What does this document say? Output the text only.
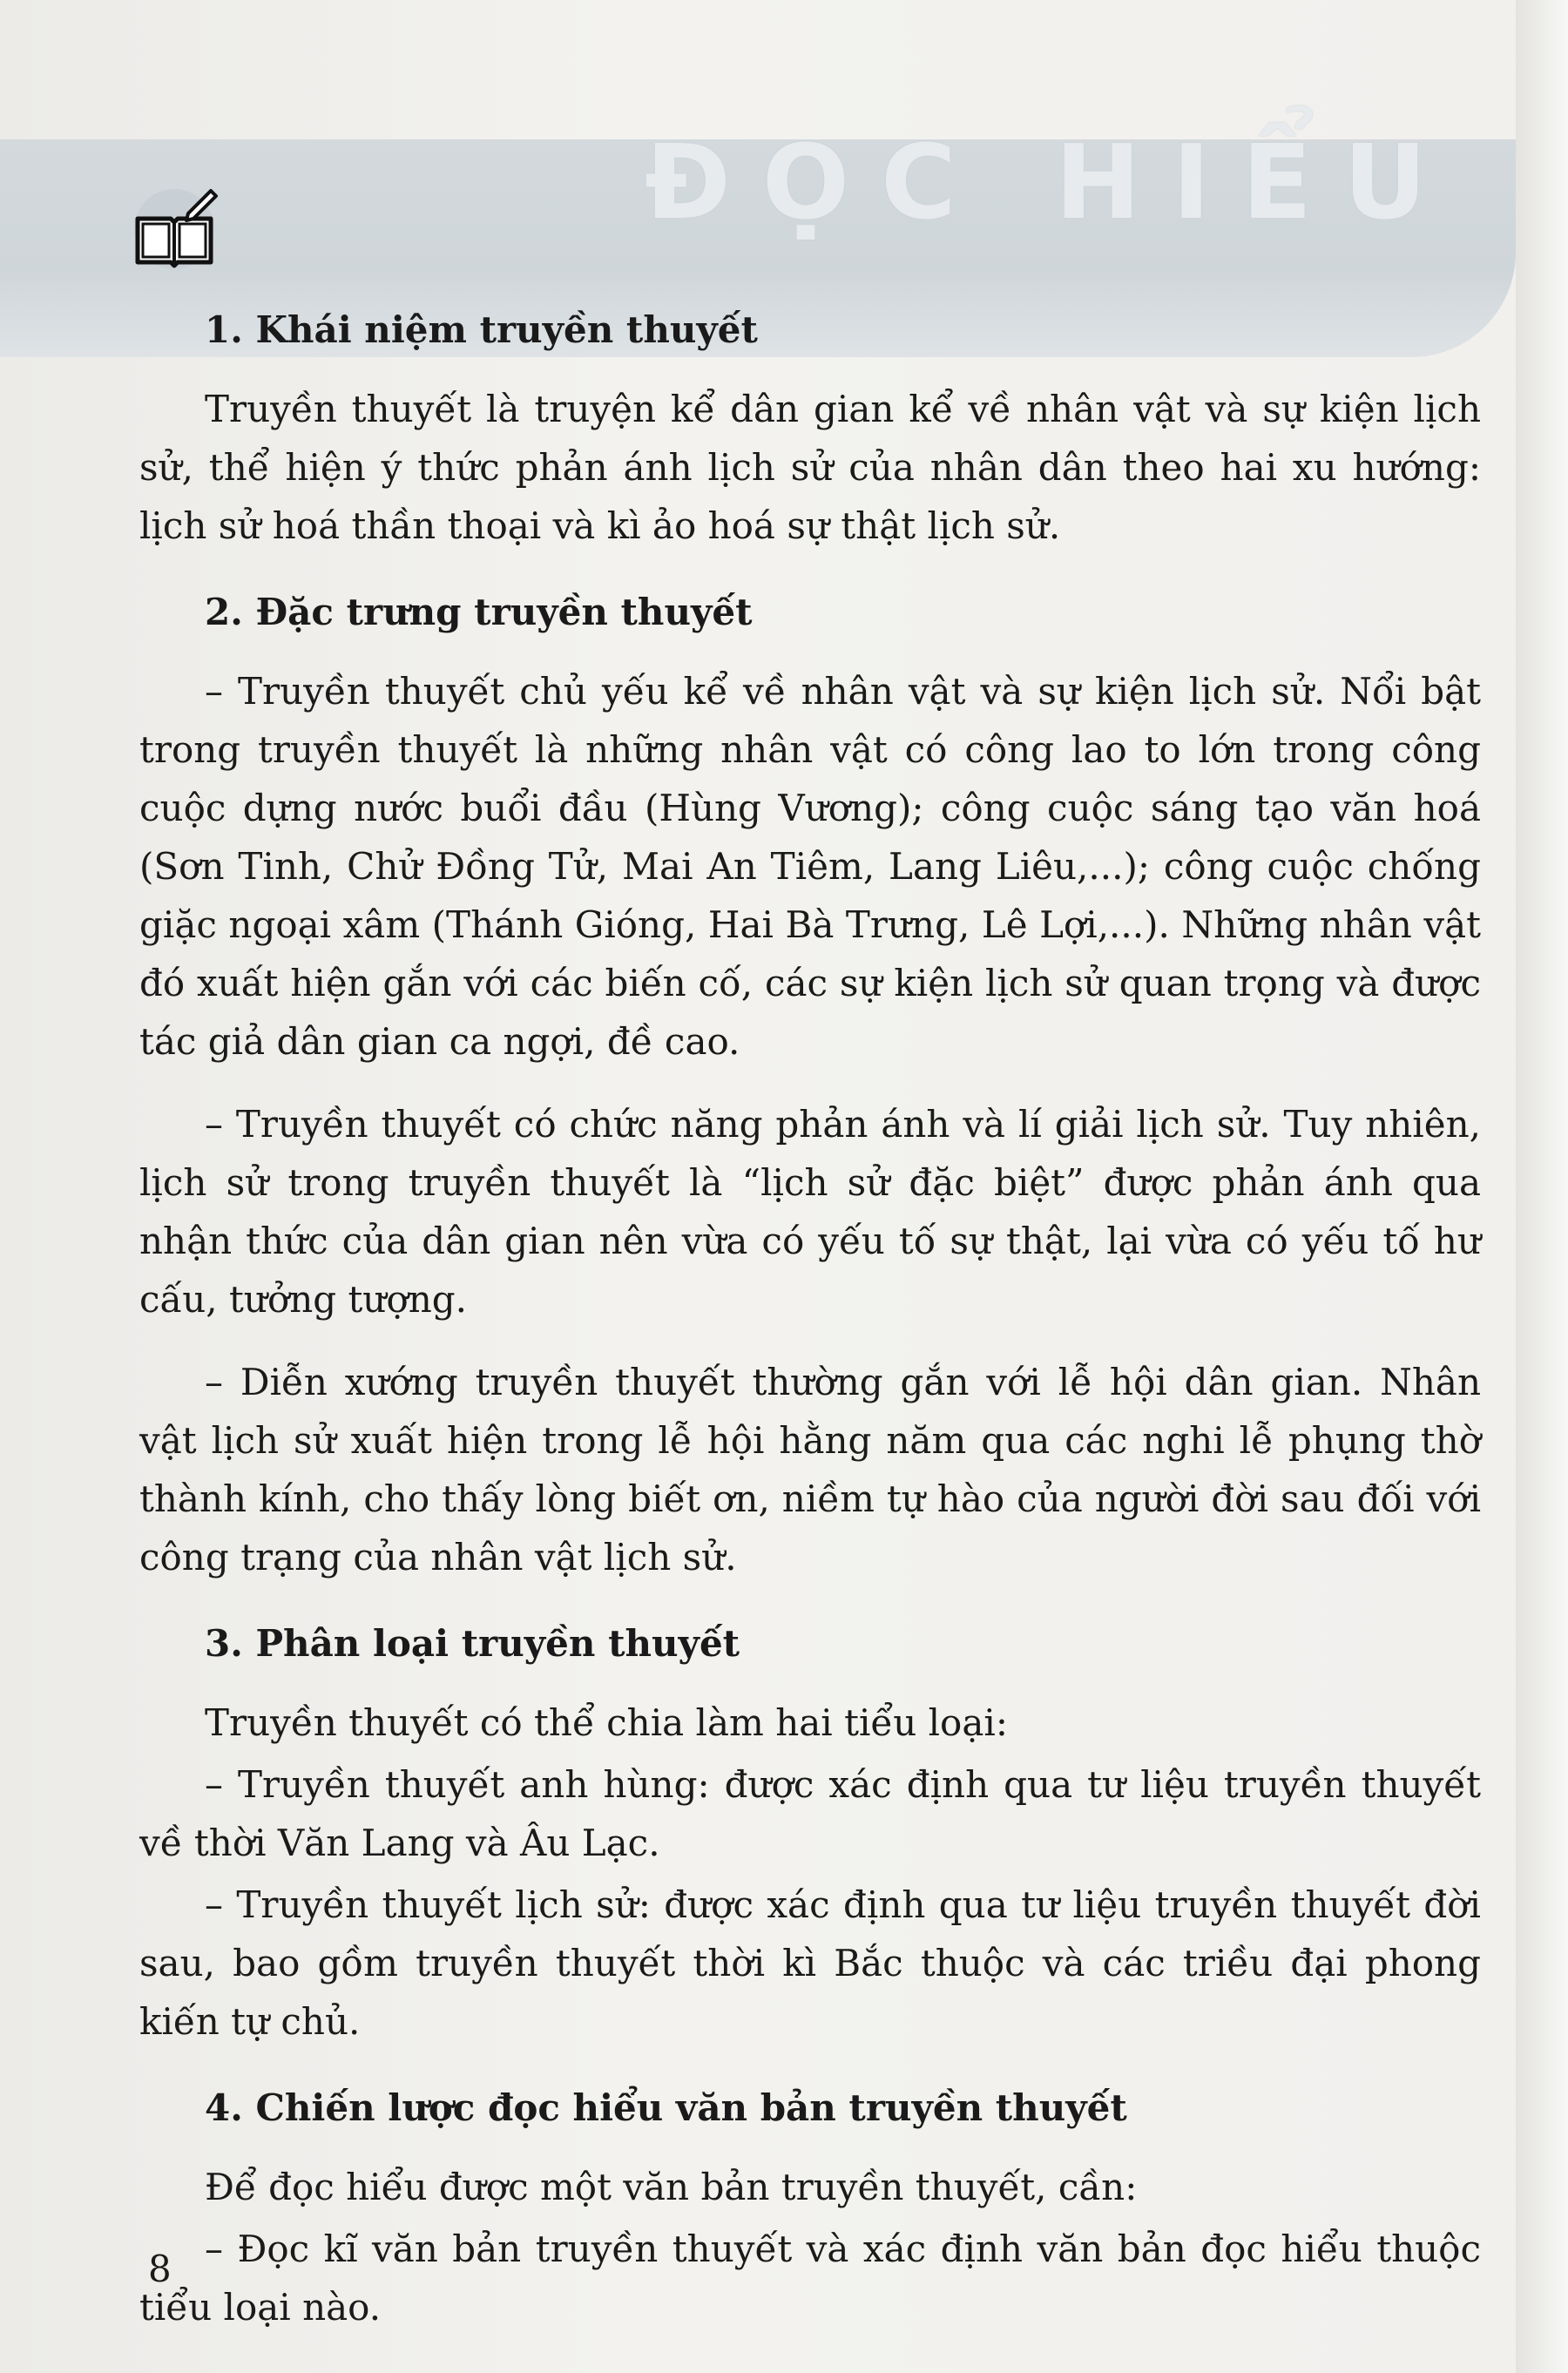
ĐỌC HIỂU
1. Khái niệm truyền thuyết
Truyền thuyết là truyện kể dân gian kể về nhân vật và sự kiện lịch sử, thể hiện ý thức phản ánh lịch sử của nhân dân theo hai xu hướng: lịch sử hoá thần thoại và kì ảo hoá sự thật lịch sử.
2. Đặc trưng truyền thuyết
– Truyền thuyết chủ yếu kể về nhân vật và sự kiện lịch sử. Nổi bật trong truyền thuyết là những nhân vật có công lao to lớn trong công cuộc dựng nước buổi đầu (Hùng Vương); công cuộc sáng tạo văn hoá (Sơn Tinh, Chử Đồng Tử, Mai An Tiêm, Lang Liêu,...); công cuộc chống giặc ngoại xâm (Thánh Gióng, Hai Bà Trưng, Lê Lợi,...). Những nhân vật đó xuất hiện gắn với các biến cố, các sự kiện lịch sử quan trọng và được tác giả dân gian ca ngợi, đề cao.
– Truyền thuyết có chức năng phản ánh và lí giải lịch sử. Tuy nhiên, lịch sử trong truyền thuyết là “lịch sử đặc biệt” được phản ánh qua nhận thức của dân gian nên vừa có yếu tố sự thật, lại vừa có yếu tố hư cấu, tưởng tượng.
– Diễn xướng truyền thuyết thường gắn với lễ hội dân gian. Nhân vật lịch sử xuất hiện trong lễ hội hằng năm qua các nghi lễ phụng thờ thành kính, cho thấy lòng biết ơn, niềm tự hào của người đời sau đối với công trạng của nhân vật lịch sử.
3. Phân loại truyền thuyết
Truyền thuyết có thể chia làm hai tiểu loại:
– Truyền thuyết anh hùng: được xác định qua tư liệu truyền thuyết về thời Văn Lang và Âu Lạc.
– Truyền thuyết lịch sử: được xác định qua tư liệu truyền thuyết đời sau, bao gồm truyền thuyết thời kì Bắc thuộc và các triều đại phong kiến tự chủ.
4. Chiến lược đọc hiểu văn bản truyền thuyết
Để đọc hiểu được một văn bản truyền thuyết, cần:
– Đọc kĩ văn bản truyền thuyết và xác định văn bản đọc hiểu thuộc tiểu loại nào.
8
